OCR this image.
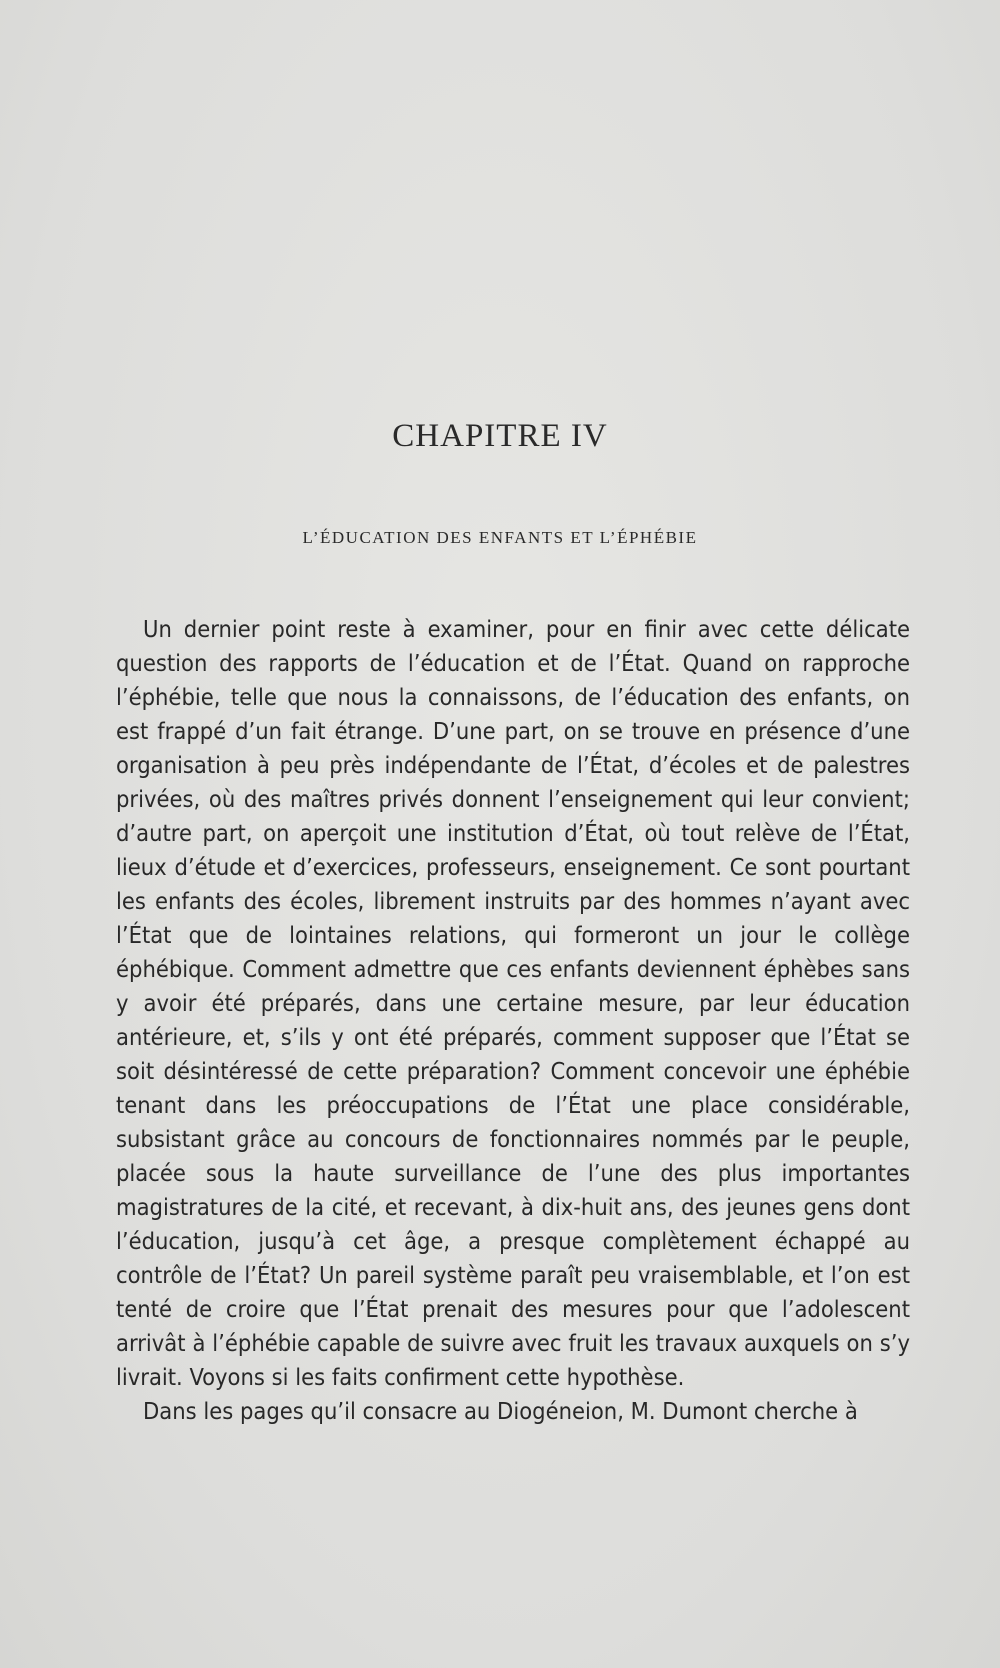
CHAPITRE IV
L’ÉDUCATION DES ENFANTS ET L’ÉPHÉBIE

Un dernier point reste à examiner, pour en finir avec cette délicate question des rapports de l’éducation et de l’État. Quand on rapproche l’éphébie, telle que nous la connaissons, de l’éducation des enfants, on est frappé d’un fait étrange. D’une part, on se trouve en présence d’une organisation à peu près indépendante de l’État, d’écoles et de palestres privées, où des maîtres privés donnent l’enseignement qui leur convient; d’autre part, on aperçoit une institution d’État, où tout relève de l’État, lieux d’étude et d’exercices, professeurs, enseignement. Ce sont pourtant les enfants des écoles, librement instruits par des hommes n’ayant avec l’État que de lointaines relations, qui formeront un jour le collège éphébique. Comment admettre que ces enfants deviennent éphèbes sans y avoir été préparés, dans une certaine mesure, par leur éducation antérieure, et, s’ils y ont été préparés, comment supposer que l’État se soit désintéressé de cette préparation? Comment concevoir une éphébie tenant dans les préoccupations de l’État une place considérable, subsistant grâce au concours de fonctionnaires nommés par le peuple, placée sous la haute surveillance de l’une des plus importantes magistratures de la cité, et recevant, à dix-huit ans, des jeunes gens dont l’éducation, jusqu’à cet âge, a presque complètement échappé au contrôle de l’État? Un pareil système paraît peu vraisemblable, et l’on est tenté de croire que l’État prenait des mesures pour que l’adolescent arrivât à l’éphébie capable de suivre avec fruit les travaux auxquels on s’y livrait. Voyons si les faits confirment cette hypothèse.

Dans les pages qu’il consacre au Diogéneion, M. Dumont cherche à
